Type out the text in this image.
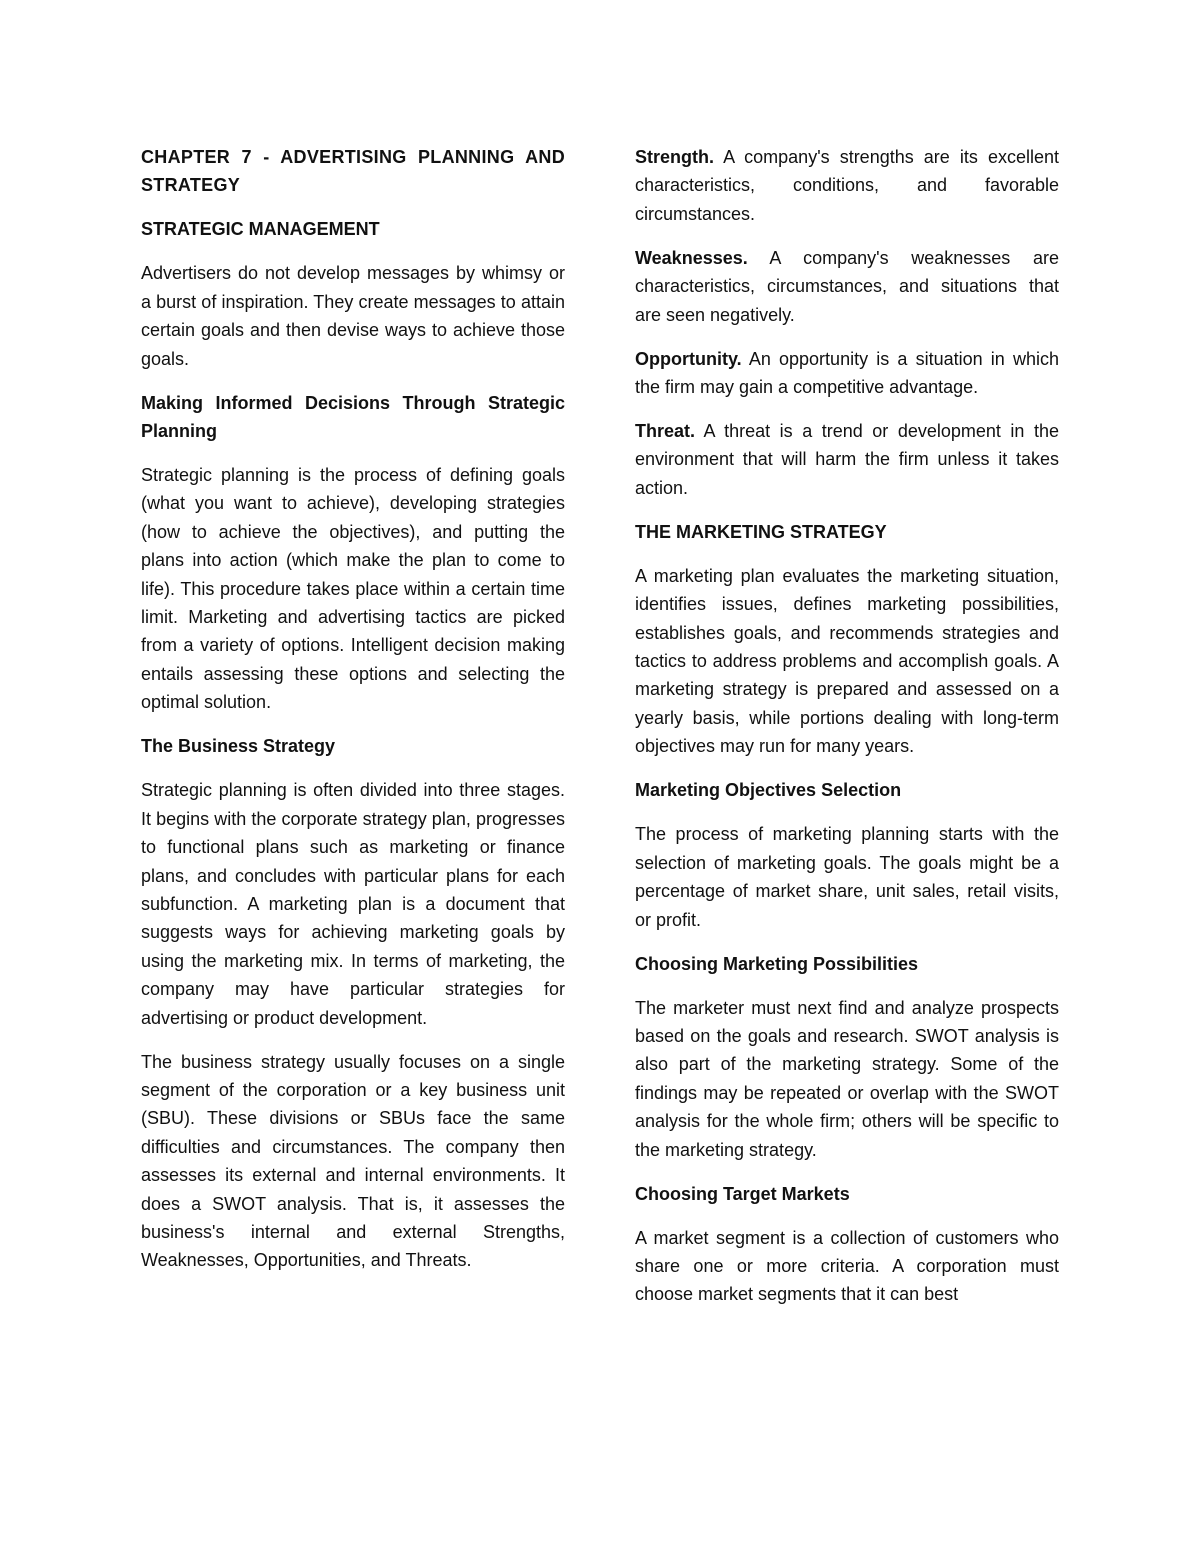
CHAPTER 7 - ADVERTISING PLANNING AND STRATEGY

STRATEGIC MANAGEMENT

Advertisers do not develop messages by whimsy or a burst of inspiration. They create messages to attain certain goals and then devise ways to achieve those goals.

Making Informed Decisions Through Strategic Planning

Strategic planning is the process of defining goals (what you want to achieve), developing strategies (how to achieve the objectives), and putting the plans into action (which make the plan to come to life). This procedure takes place within a certain time limit. Marketing and advertising tactics are picked from a variety of options. Intelligent decision making entails assessing these options and selecting the optimal solution.

The Business Strategy

Strategic planning is often divided into three stages. It begins with the corporate strategy plan, progresses to functional plans such as marketing or finance plans, and concludes with particular plans for each subfunction. A marketing plan is a document that suggests ways for achieving marketing goals by using the marketing mix. In terms of marketing, the company may have particular strategies for advertising or product development.

The business strategy usually focuses on a single segment of the corporation or a key business unit (SBU). These divisions or SBUs face the same difficulties and circumstances. The company then assesses its external and internal environments. It does a SWOT analysis. That is, it assesses the business's internal and external Strengths, Weaknesses, Opportunities, and Threats.

Strength. A company's strengths are its excellent characteristics, conditions, and favorable circumstances.

Weaknesses. A company's weaknesses are characteristics, circumstances, and situations that are seen negatively.

Opportunity. An opportunity is a situation in which the firm may gain a competitive advantage.

Threat. A threat is a trend or development in the environment that will harm the firm unless it takes action.

THE MARKETING STRATEGY

A marketing plan evaluates the marketing situation, identifies issues, defines marketing possibilities, establishes goals, and recommends strategies and tactics to address problems and accomplish goals. A marketing strategy is prepared and assessed on a yearly basis, while portions dealing with long-term objectives may run for many years.

Marketing Objectives Selection

The process of marketing planning starts with the selection of marketing goals. The goals might be a percentage of market share, unit sales, retail visits, or profit.

Choosing Marketing Possibilities

The marketer must next find and analyze prospects based on the goals and research. SWOT analysis is also part of the marketing strategy. Some of the findings may be repeated or overlap with the SWOT analysis for the whole firm; others will be specific to the marketing strategy.

Choosing Target Markets

A market segment is a collection of customers who share one or more criteria. A corporation must choose market segments that it can best
